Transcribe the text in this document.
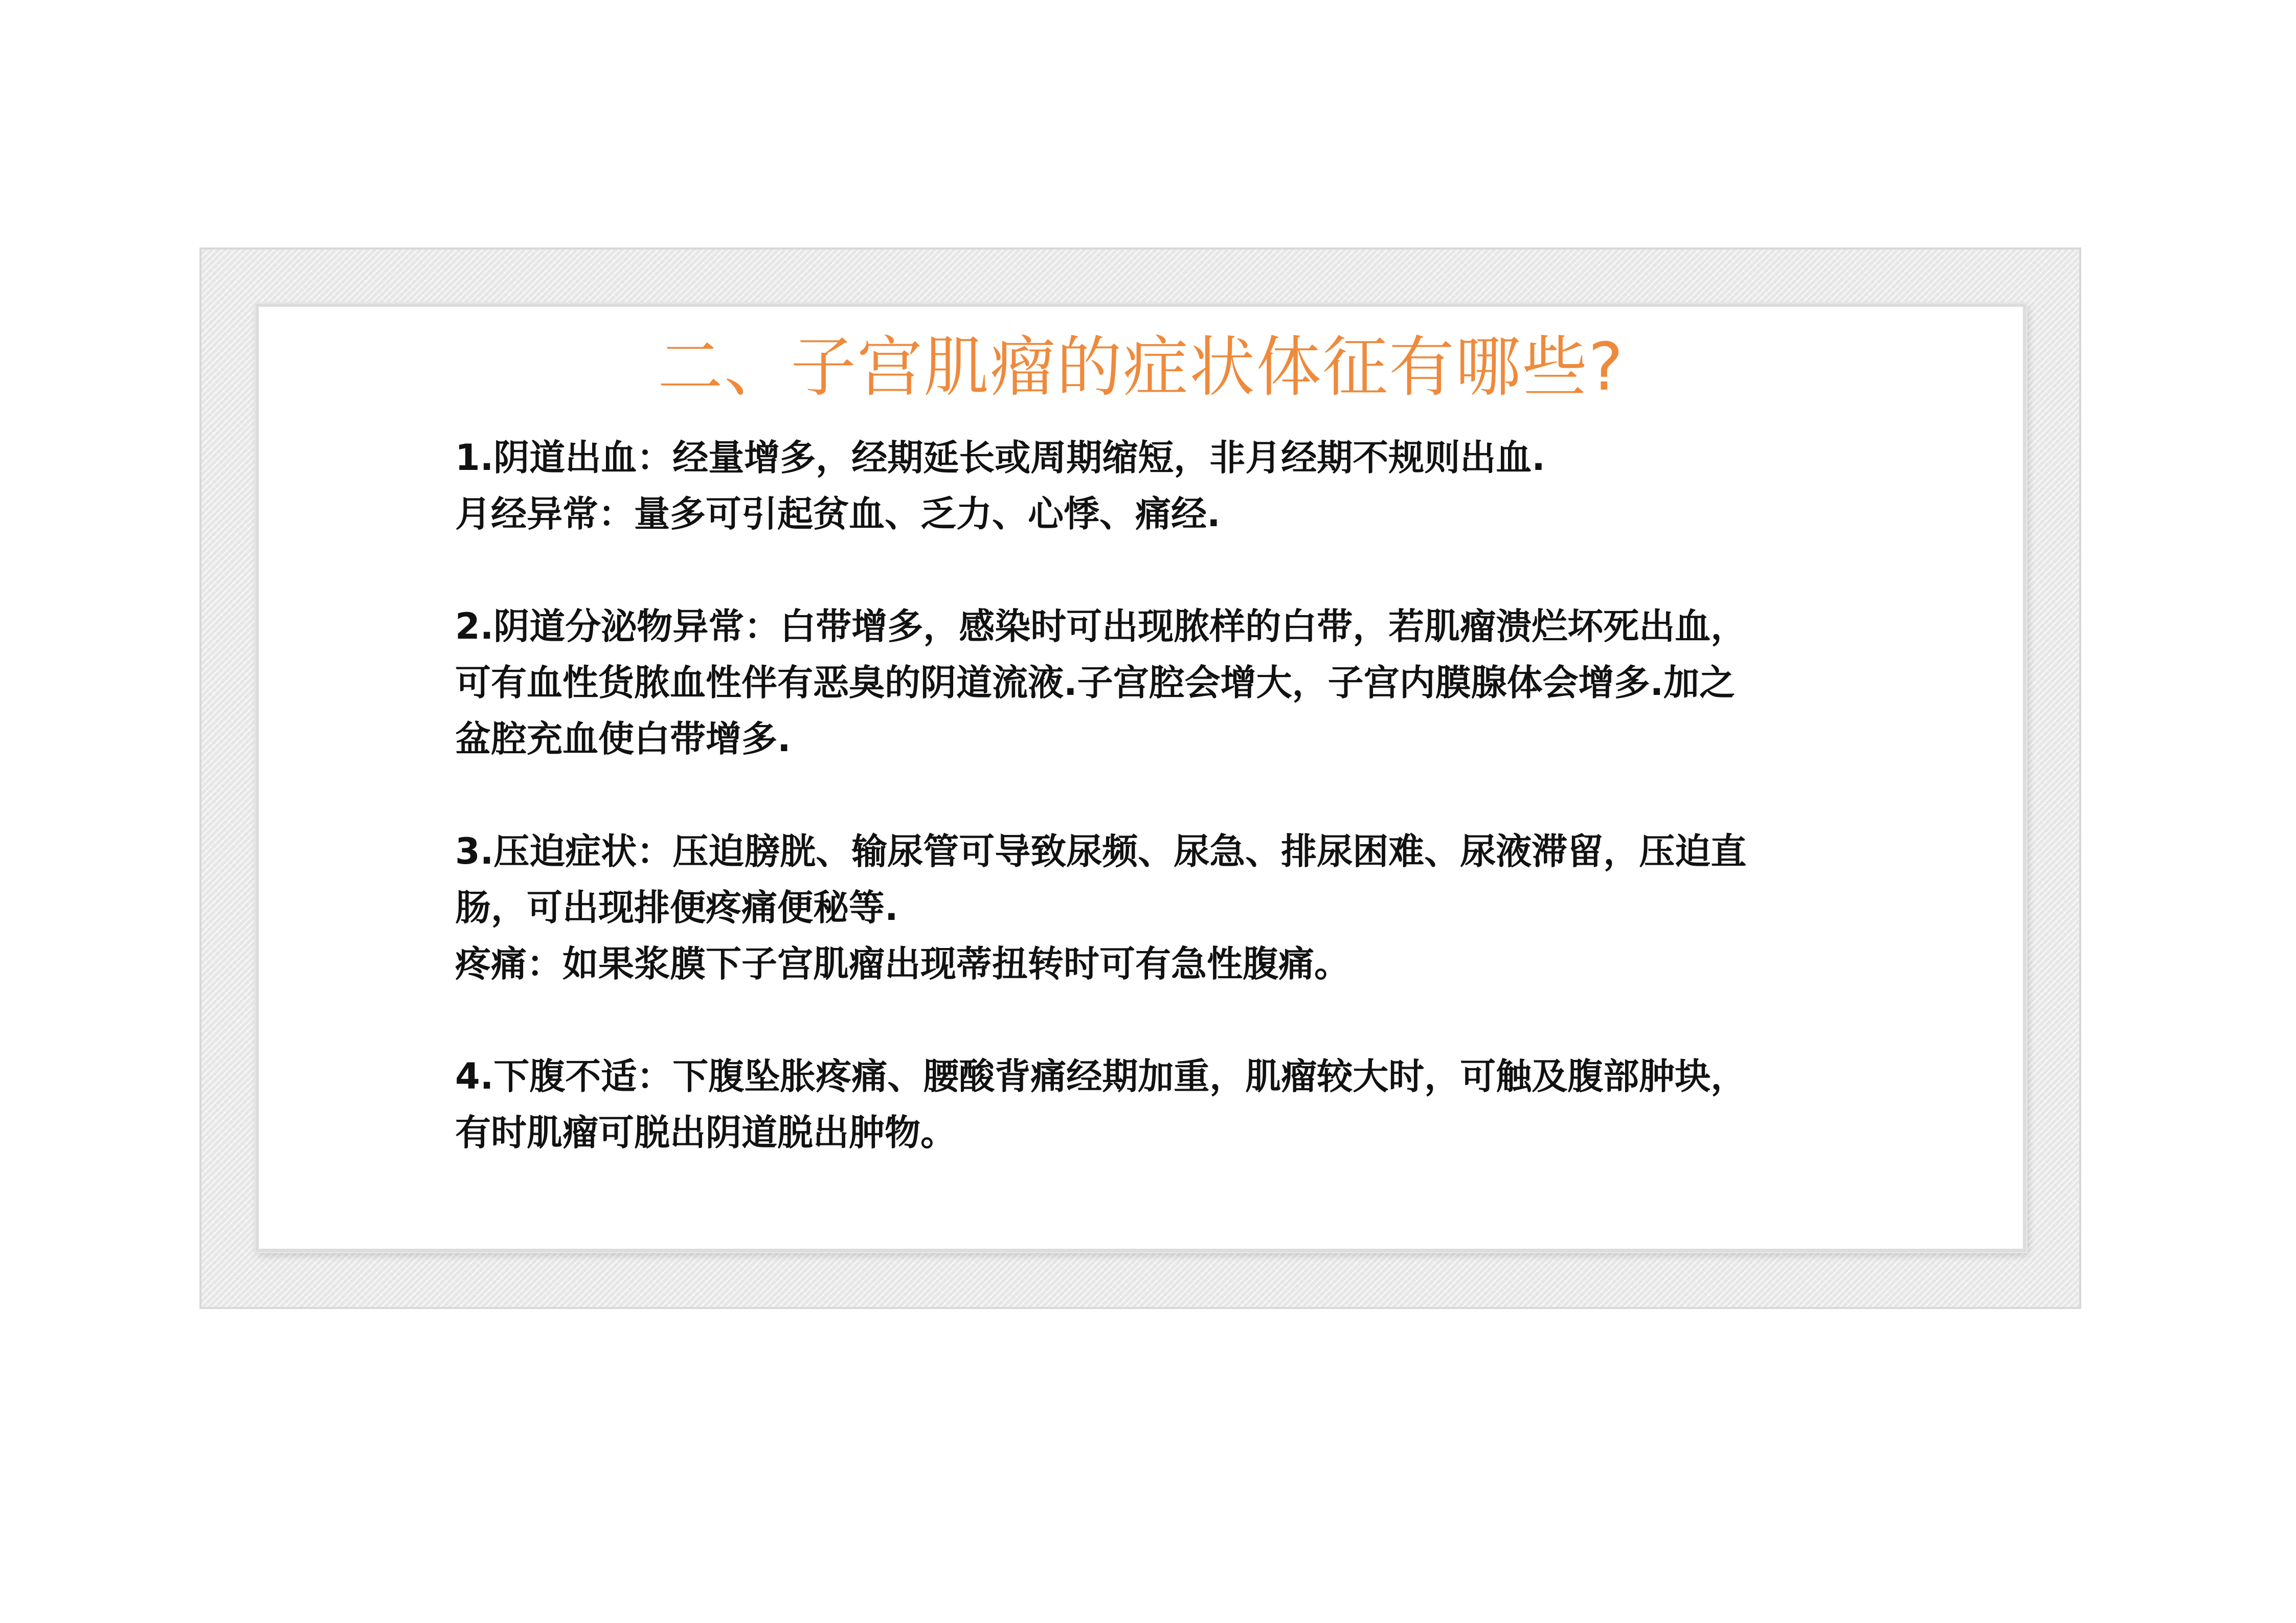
二、子宫肌瘤的症状体征有哪些?
1.阴道出血：经量增多，经期延长或周期缩短，非月经期不规则出血.
月经异常：量多可引起贫血、乏力、心悸、痛经.
2.阴道分泌物异常：白带增多，感染时可出现脓样的白带，若肌瘤溃烂坏死出血，
可有血性货脓血性伴有恶臭的阴道流液.子宫腔会增大，子宫内膜腺体会增多.加之
盆腔充血使白带增多.
3.压迫症状：压迫膀胱、输尿管可导致尿频、尿急、排尿困难、尿液滞留，压迫直
肠，可出现排便疼痛便秘等.
疼痛：如果浆膜下子宫肌瘤出现蒂扭转时可有急性腹痛。
4.下腹不适：下腹坠胀疼痛、腰酸背痛经期加重，肌瘤较大时，可触及腹部肿块，
有时肌瘤可脱出阴道脱出肿物。
